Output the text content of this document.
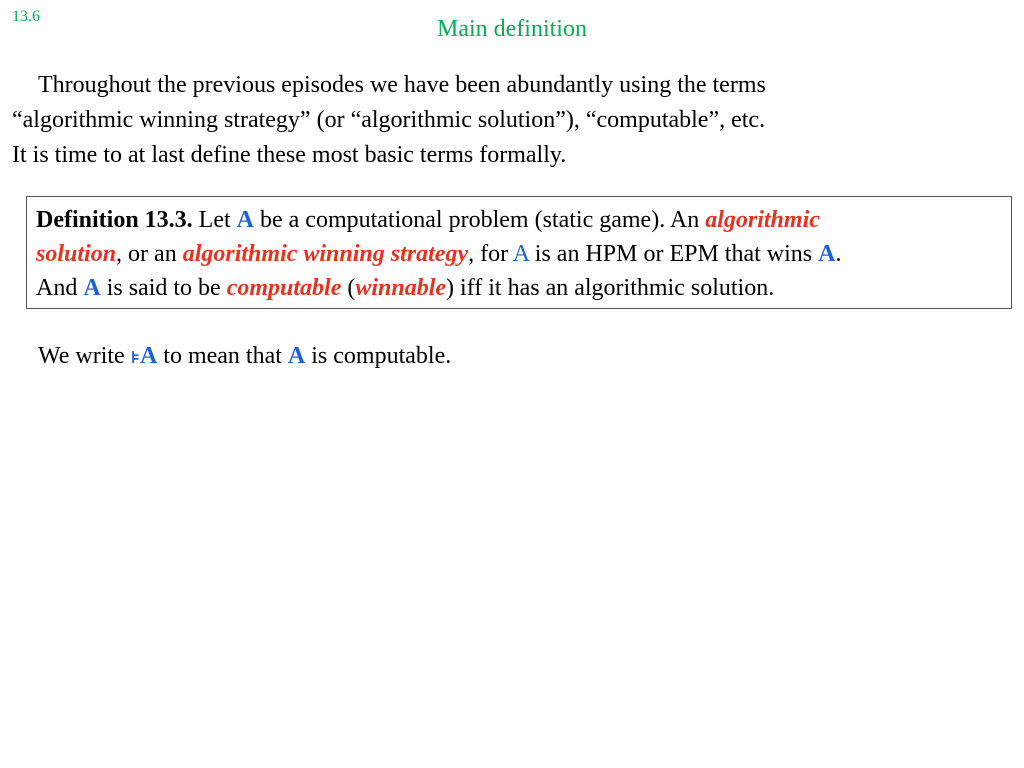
13.6	Main definition
Throughout the previous episodes we have been abundantly using the terms
“algorithmic winning strategy” (or “algorithmic solution”), “computable”, etc.
It is time to at last define these most basic terms formally.
Definition 13.3. Let A be a computational problem (static game). An algorithmic
solution, or an algorithmic winning strategy, for A is an HPM or EPM that wins A.
And A is said to be computable (winnable) iff it has an algorithmic solution.
We write ⊧A to mean that A is computable.
